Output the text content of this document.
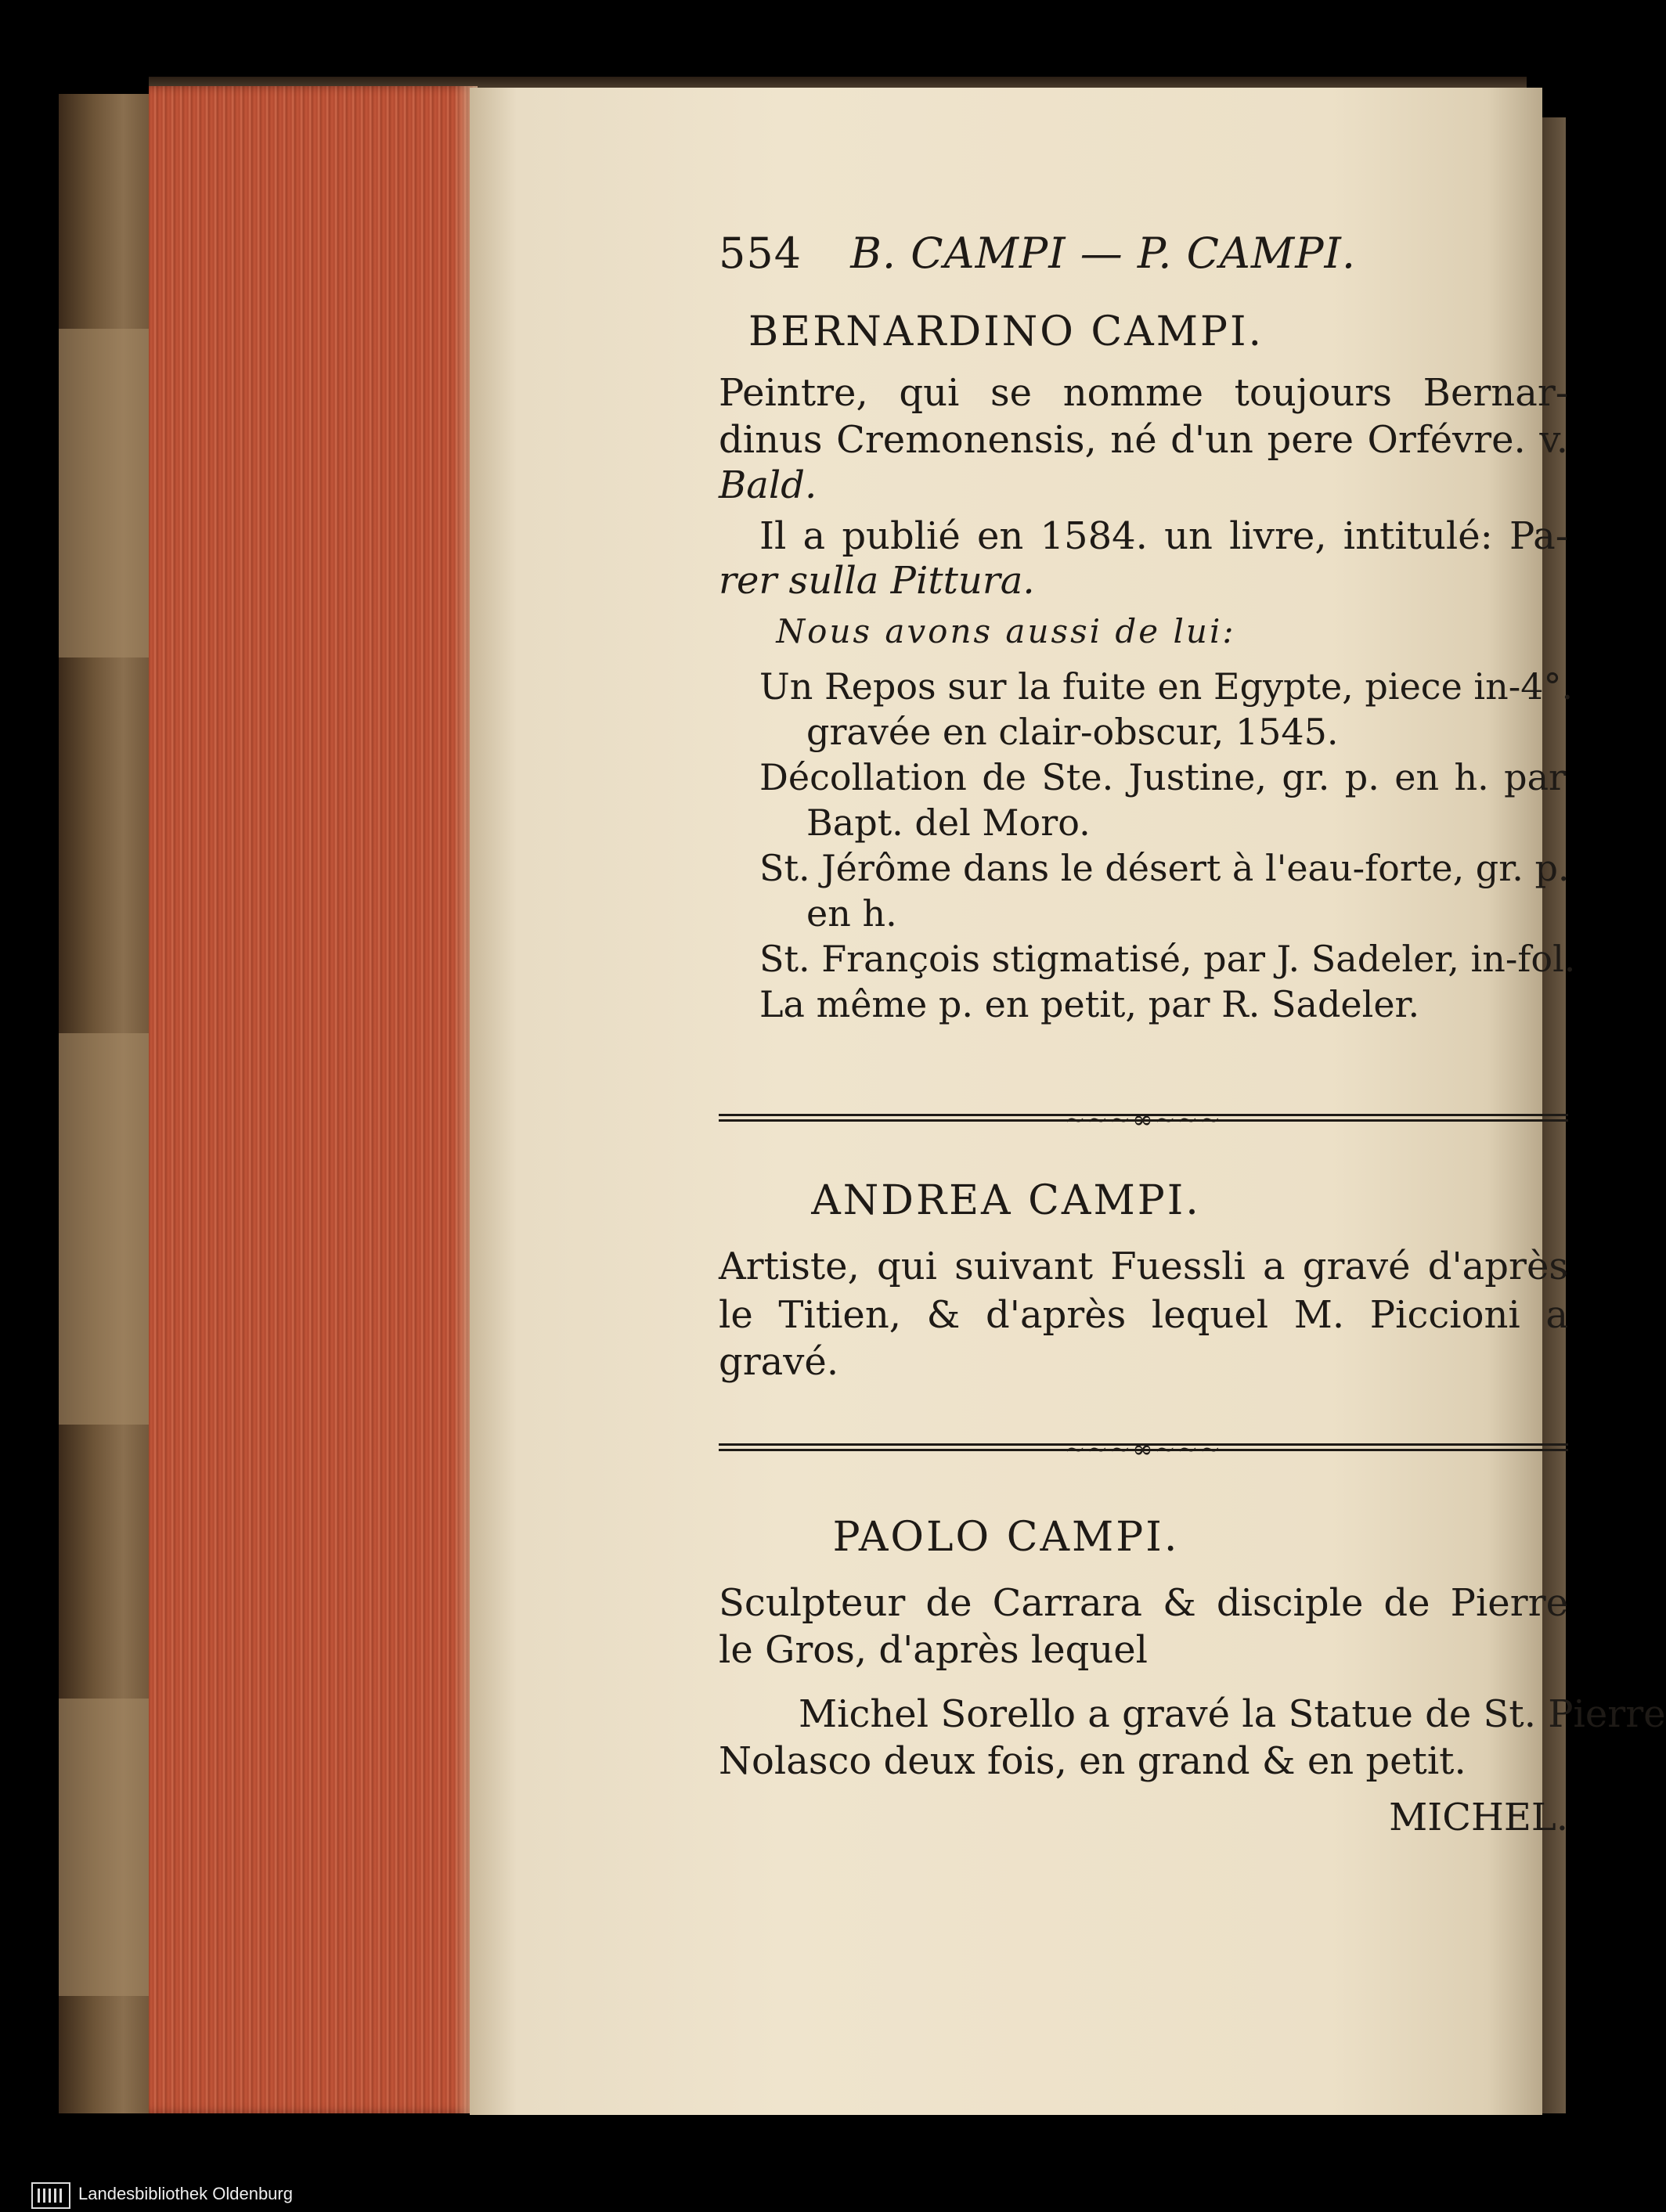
554 B. CAMPI — P. CAMPI.
BERNARDINO CAMPI.
Peintre, qui se nomme toujours Bernar-
dinus Cremonensis, né d'un pere Orfévre. v.
Bald.
Il a publié en 1584. un livre, intitulé: Pa-
rer sulla Pittura.
Nous avons aussi de lui:
Un Repos sur la fuite en Egypte, piece in-4°.
gravée en clair-obscur, 1545.
Décollation de Ste. Justine, gr. p. en h. par
Bapt. del Moro.
St. Jérôme dans le désert à l'eau-forte, gr. p.
en h.
St. François stigmatisé, par J. Sadeler, in-fol.
La même p. en petit, par R. Sadeler.
~~~∞~~~
ANDREA CAMPI.
Artiste, qui suivant Fuessli a gravé d'après
le Titien, & d'après lequel M. Piccioni a
gravé.
~~~∞~~~
PAOLO CAMPI.
Sculpteur de Carrara & disciple de Pierre
le Gros, d'après lequel
Michel Sorello a gravé la Statue de St. Pierre
Nolasco deux fois, en grand & en petit.
MICHEL.
Landesbibliothek Oldenburg
